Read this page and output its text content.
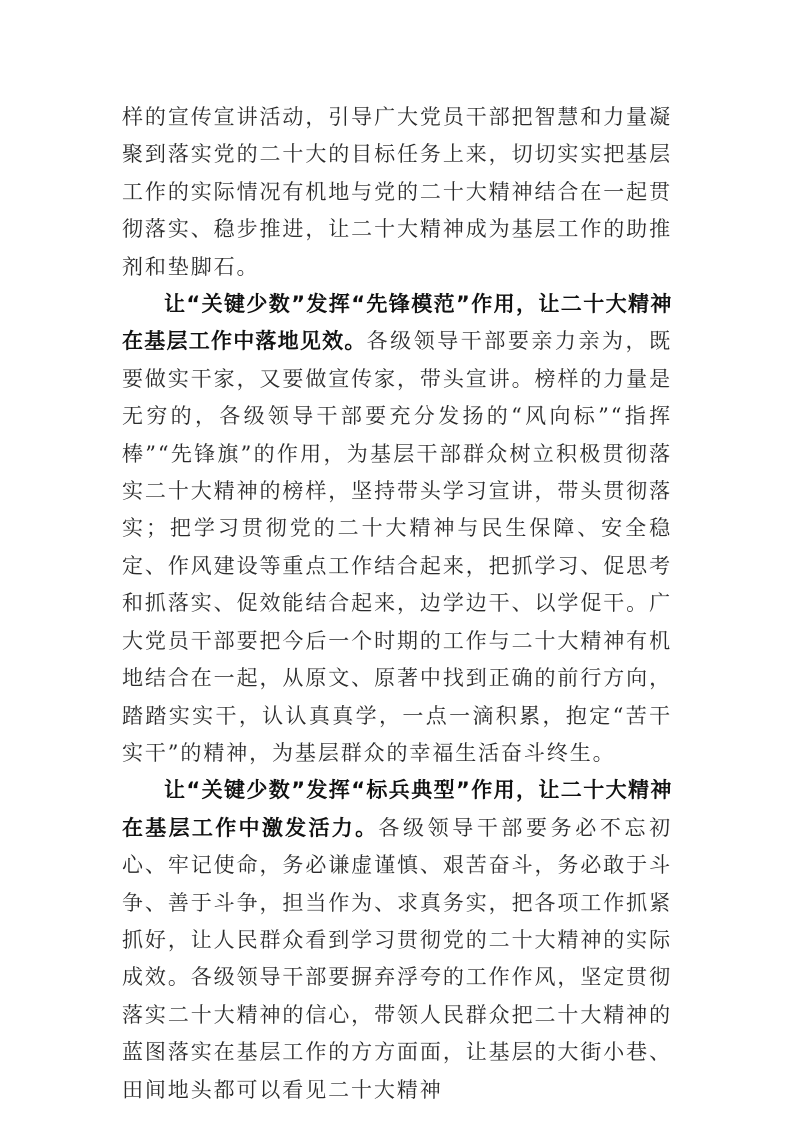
样的宣传宣讲活动，引导广大党员干部把智慧和力量凝聚到落实党的二十大的目标任务上来，切切实实把基层工作的实际情况有机地与党的二十大精神结合在一起贯彻落实、稳步推进，让二十大精神成为基层工作的助推剂和垫脚石。

让“关键少数”发挥“先锋模范”作用，让二十大精神在基层工作中落地见效。各级领导干部要亲力亲为，既要做实干家，又要做宣传家，带头宣讲。榜样的力量是无穷的，各级领导干部要充分发扬的“风向标”“指挥棒”“先锋旗”的作用，为基层干部群众树立积极贯彻落实二十大精神的榜样，坚持带头学习宣讲，带头贯彻落实；把学习贯彻党的二十大精神与民生保障、安全稳定、作风建设等重点工作结合起来，把抓学习、促思考和抓落实、促效能结合起来，边学边干、以学促干。广大党员干部要把今后一个时期的工作与二十大精神有机地结合在一起，从原文、原著中找到正确的前行方向，踏踏实实干，认认真真学，一点一滴积累，抱定“苦干实干”的精神，为基层群众的幸福生活奋斗终生。

让“关键少数”发挥“标兵典型”作用，让二十大精神在基层工作中激发活力。各级领导干部要务必不忘初心、牢记使命，务必谦虚谨慎、艰苦奋斗，务必敢于斗争、善于斗争，担当作为、求真务实，把各项工作抓紧抓好，让人民群众看到学习贯彻党的二十大精神的实际成效。各级领导干部要摒弃浮夸的工作作风，坚定贯彻落实二十大精神的信心，带领人民群众把二十大精神的蓝图落实在基层工作的方方面面，让基层的大街小巷、田间地头都可以看见二十大精神
